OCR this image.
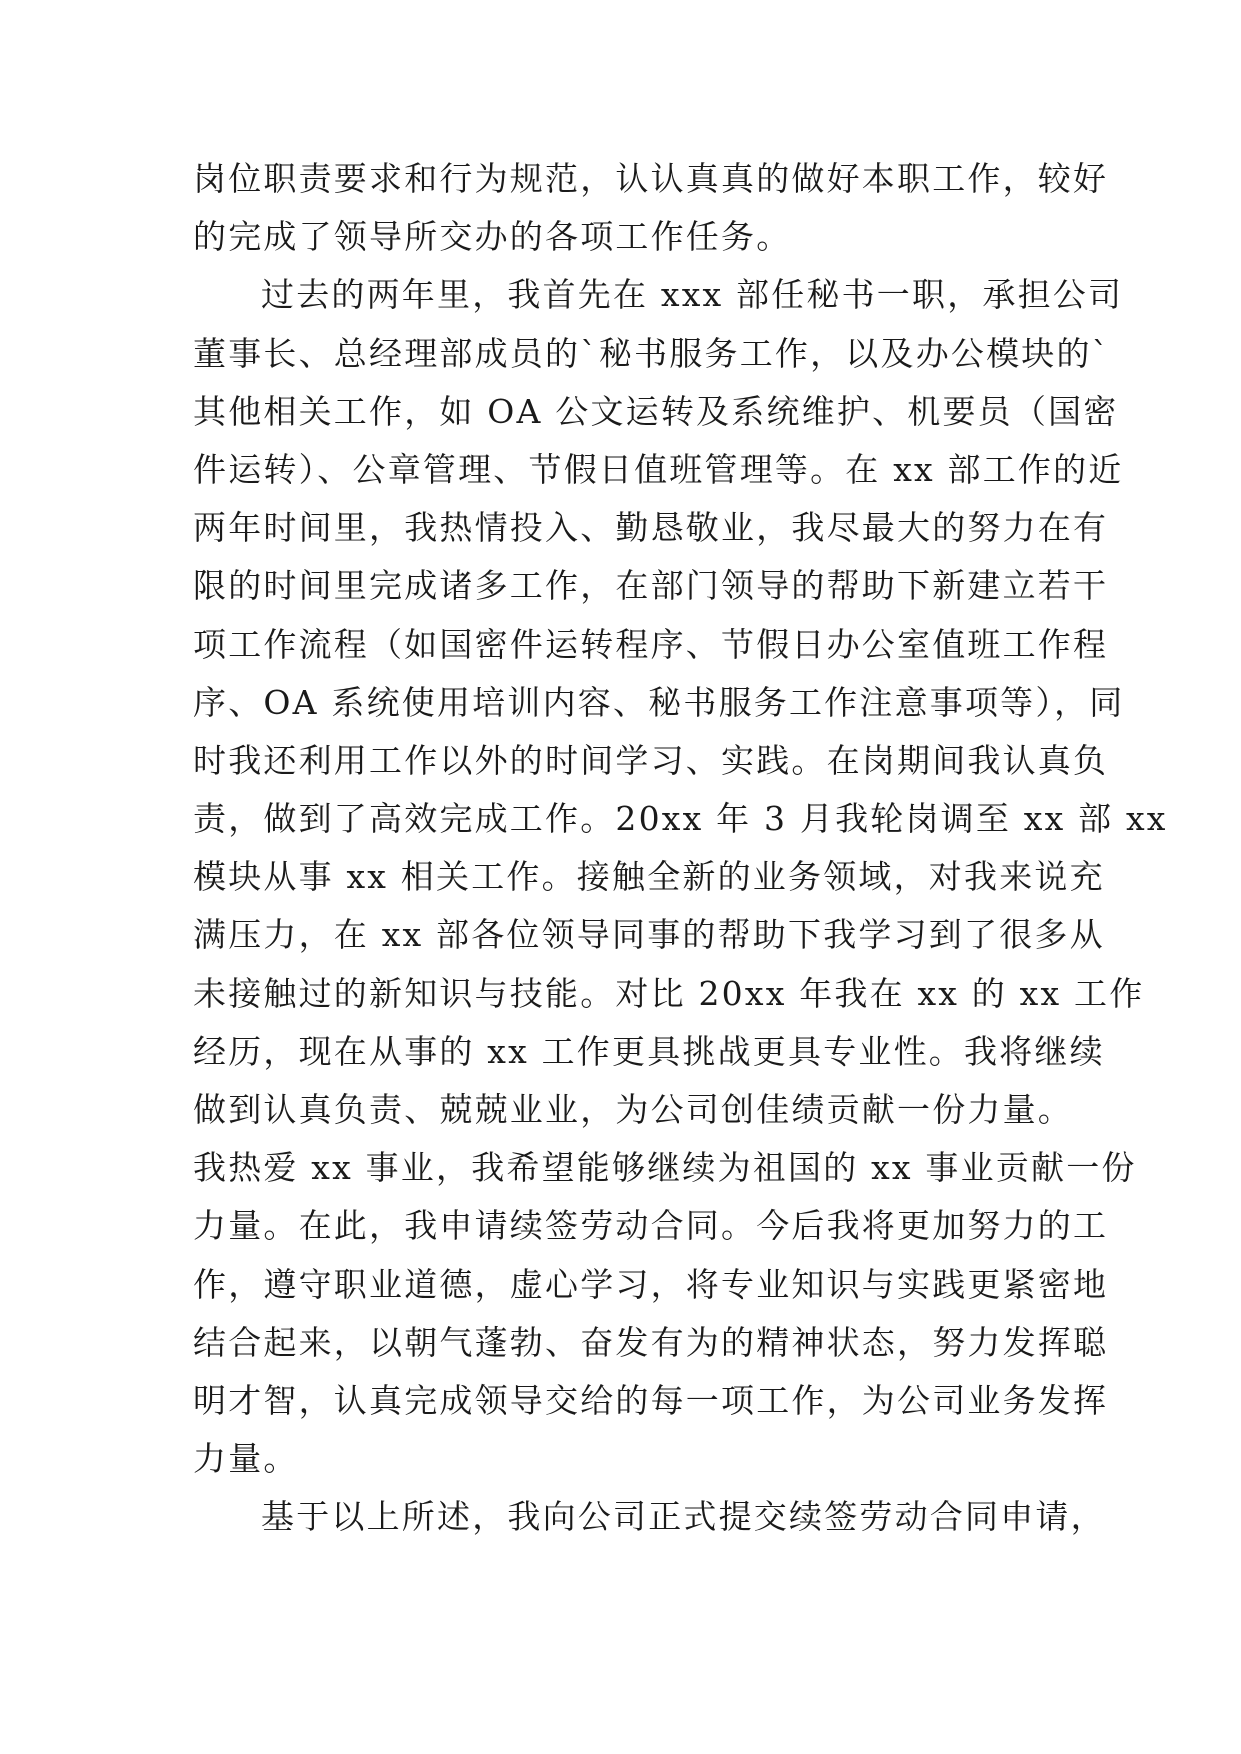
岗位职责要求和行为规范，认认真真的做好本职工作，较好
的完成了领导所交办的各项工作任务。
过去的两年里，我首先在 xxx 部任秘书一职，承担公司
董事长、总经理部成员的`秘书服务工作，以及办公模块的`
其他相关工作，如 OA 公文运转及系统维护、机要员（国密
件运转）、公章管理、节假日值班管理等。在 xx 部工作的近
两年时间里，我热情投入、勤恳敬业，我尽最大的努力在有
限的时间里完成诸多工作，在部门领导的帮助下新建立若干
项工作流程（如国密件运转程序、节假日办公室值班工作程
序、OA 系统使用培训内容、秘书服务工作注意事项等），同
时我还利用工作以外的时间学习、实践。在岗期间我认真负
责，做到了高效完成工作。20xx 年 3 月我轮岗调至 xx 部 xx
模块从事 xx 相关工作。接触全新的业务领域，对我来说充
满压力，在 xx 部各位领导同事的帮助下我学习到了很多从
未接触过的新知识与技能。对比 20xx 年我在 xx 的 xx 工作
经历，现在从事的 xx 工作更具挑战更具专业性。我将继续
做到认真负责、兢兢业业，为公司创佳绩贡献一份力量。
我热爱 xx 事业，我希望能够继续为祖国的 xx 事业贡献一份
力量。在此，我申请续签劳动合同。今后我将更加努力的工
作，遵守职业道德，虚心学习，将专业知识与实践更紧密地
结合起来，以朝气蓬勃、奋发有为的精神状态，努力发挥聪
明才智，认真完成领导交给的每一项工作，为公司业务发挥
力量。
基于以上所述，我向公司正式提交续签劳动合同申请，
